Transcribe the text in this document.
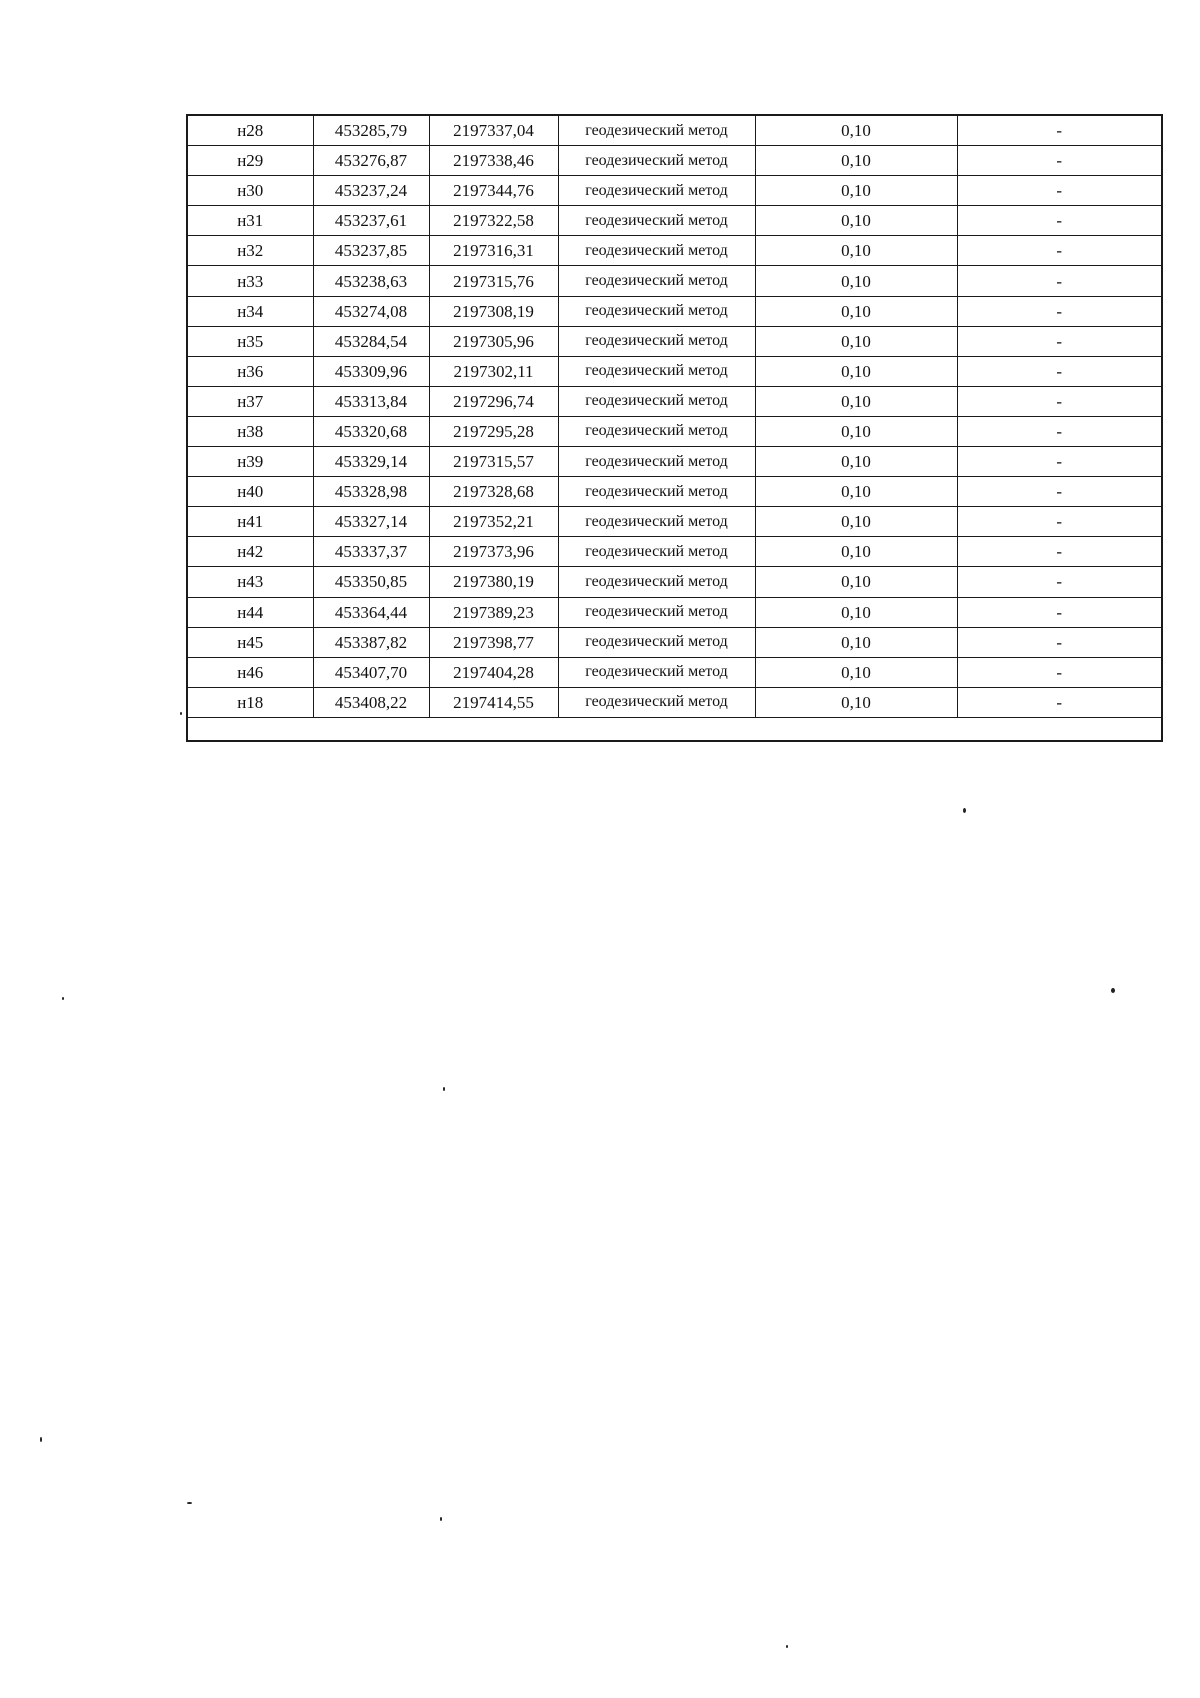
н28	453285,79	2197337,04	геодезический метод	0,10	-
н29	453276,87	2197338,46	геодезический метод	0,10	-
н30	453237,24	2197344,76	геодезический метод	0,10	-
н31	453237,61	2197322,58	геодезический метод	0,10	-
н32	453237,85	2197316,31	геодезический метод	0,10	-
н33	453238,63	2197315,76	геодезический метод	0,10	-
н34	453274,08	2197308,19	геодезический метод	0,10	-
н35	453284,54	2197305,96	геодезический метод	0,10	-
н36	453309,96	2197302,11	геодезический метод	0,10	-
н37	453313,84	2197296,74	геодезический метод	0,10	-
н38	453320,68	2197295,28	геодезический метод	0,10	-
н39	453329,14	2197315,57	геодезический метод	0,10	-
н40	453328,98	2197328,68	геодезический метод	0,10	-
н41	453327,14	2197352,21	геодезический метод	0,10	-
н42	453337,37	2197373,96	геодезический метод	0,10	-
н43	453350,85	2197380,19	геодезический метод	0,10	-
н44	453364,44	2197389,23	геодезический метод	0,10	-
н45	453387,82	2197398,77	геодезический метод	0,10	-
н46	453407,70	2197404,28	геодезический метод	0,10	-
н18	453408,22	2197414,55	геодезический метод	0,10	-
